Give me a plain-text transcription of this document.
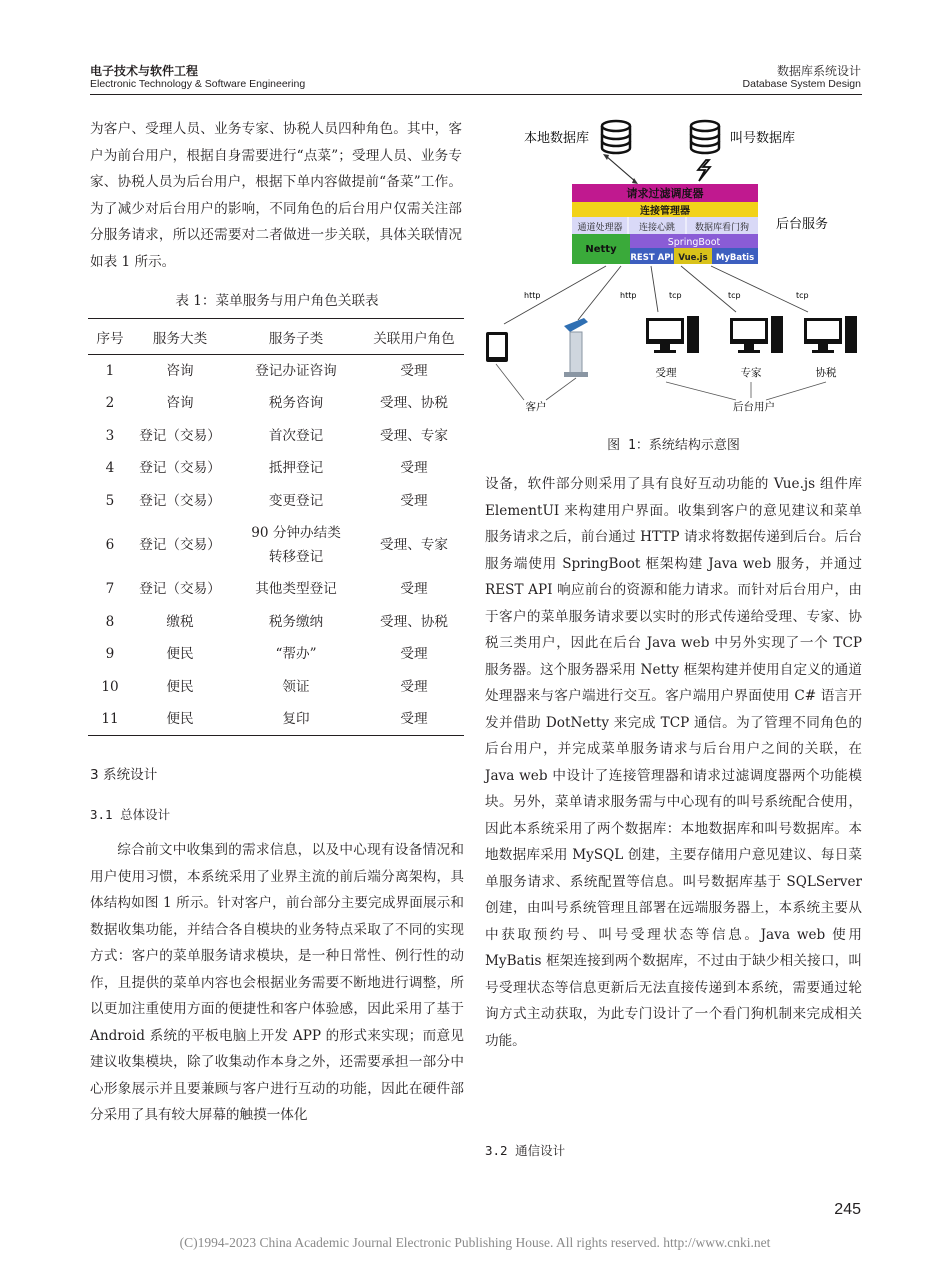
电子技术与软件工程
Electronic Technology & Software Engineering
数据库系统设计
Database System Design
为客户、受理人员、业务专家、协税人员四种角色。其中，客户为前台用户，根据自身需要进行“点菜”；受理人员、业务专家、协税人员为后台用户，根据下单内容做提前“备菜”工作。为了减少对后台用户的影响，不同角色的后台用户仅需关注部分服务请求，所以还需要对二者做进一步关联，具体关联情况如表 1 所示。
表 1：菜单服务与用户角色关联表
序号	服务大类	服务子类	关联用户角色
1	咨询	登记办证咨询	受理
2	咨询	税务咨询	受理、协税
3	登记（交易）	首次登记	受理、专家
4	登记（交易）	抵押登记	受理
5	登记（交易）	变更登记	受理
6	登记（交易）	90 分钟办结类转移登记	受理、专家
7	登记（交易）	其他类型登记	受理
8	缴税	税务缴纳	受理、协税
9	便民	“帮办”	受理
10	便民	领证	受理
11	便民	复印	受理
3 系统设计
3.1 总体设计
综合前文中收集到的需求信息，以及中心现有设备情况和用户使用习惯，本系统采用了业界主流的前后端分离架构，具体结构如图 1 所示。针对客户，前台部分主要完成界面展示和数据收集功能，并结合各自模块的业务特点采取了不同的实现方式：客户的菜单服务请求模块，是一种日常性、例行性的动作，且提供的菜单内容也会根据业务需要不断地进行调整，所以更加注重使用方面的便捷性和客户体验感，因此采用了基于 Android 系统的平板电脑上开发 APP 的形式来实现；而意见建议收集模块，除了收集动作本身之外，还需要承担一部分中心形象展示并且要兼顾与客户进行互动的功能，因此在硬件部分采用了具有较大屏幕的触摸一体化
本地数据库	叫号数据库
请求过滤调度器
连接管理器
通道处理器 连接心跳 数据库看门狗
Netty
SpringBoot
REST API Vue.js MyBatis
后台服务
http	http	tcp	tcp	tcp
受理	专家	协税
客户	后台用户
图 1：系统结构示意图
设备，软件部分则采用了具有良好互动功能的 Vue.js 组件库 ElementUI 来构建用户界面。收集到客户的意见建议和菜单服务请求之后，前台通过 HTTP 请求将数据传递到后台。后台服务端使用 SpringBoot 框架构建 Java web 服务，并通过 REST API 响应前台的资源和能力请求。而针对后台用户，由于客户的菜单服务请求要以实时的形式传递给受理、专家、协税三类用户，因此在后台 Java web 中另外实现了一个 TCP 服务器。这个服务器采用 Netty 框架构建并使用自定义的通道处理器来与客户端进行交互。客户端用户界面使用 C# 语言开发并借助 DotNetty 来完成 TCP 通信。为了管理不同角色的后台用户，并完成菜单服务请求与后台用户之间的关联，在 Java web 中设计了连接管理器和请求过滤调度器两个功能模块。另外，菜单请求服务需与中心现有的叫号系统配合使用，因此本系统采用了两个数据库：本地数据库和叫号数据库。本地数据库采用 MySQL 创建，主要存储用户意见建议、每日菜单服务请求、系统配置等信息。叫号数据库基于 SQLServer 创建，由叫号系统管理且部署在远端服务器上，本系统主要从中获取预约号、叫号受理状态等信息。Java web 使用 MyBatis 框架连接到两个数据库，不过由于缺少相关接口，叫号受理状态等信息更新后无法直接传递到本系统，需要通过轮询方式主动获取，为此专门设计了一个看门狗机制来完成相关功能。
3.2 通信设计
245
(C)1994-2023 China Academic Journal Electronic Publishing House. All rights reserved. http://www.cnki.net
